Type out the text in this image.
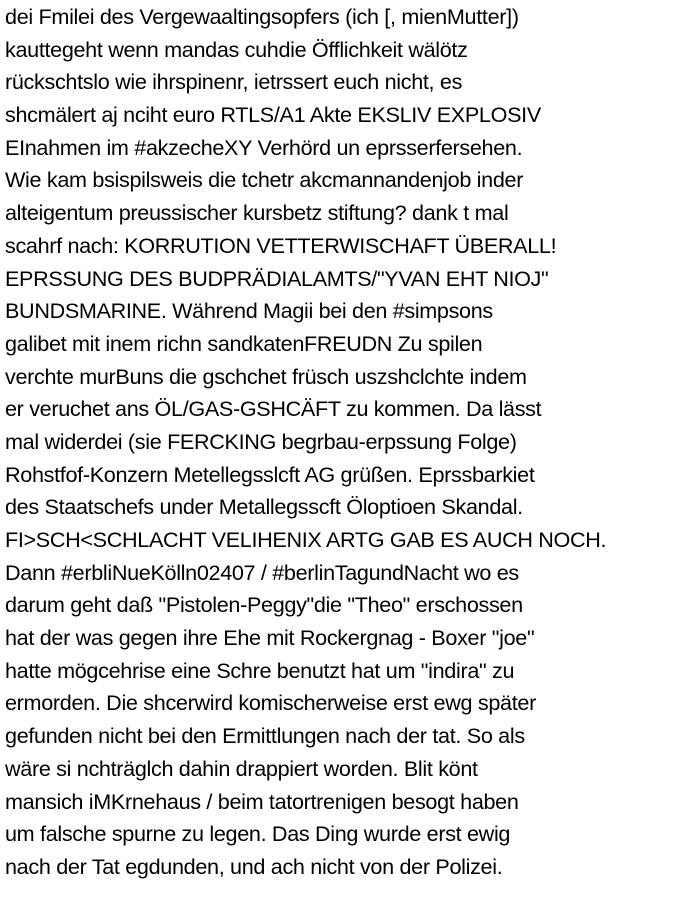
dei Fmilei des Vergewaaltingsopfers (ich [, mienMutter])
kauttegeht wenn mandas cuhdie Öfflichkeit wälötz
rückschtslo wie ihrspinenr, ietrssert euch nicht, es
shcmälert aj nciht euro RTLS/A1 Akte EKSLIV EXPLOSIV
EInahmen im #akzecheXY Verhörd un eprsserfersehen.
Wie kam bsispilsweis die tchetr akcmannandenjob inder
alteigentum preussischer kursbetz stiftung? dank t mal
scahrf nach: KORRUTION VETTERWISCHAFT ÜBERALL!
EPRSSUNG DES BUDPRÄDIALAMTS/"YVAN EHT NIOJ"
BUNDSMARINE. Während Magii bei den #simpsons
galibet mit inem richn sandkatenFREUDN Zu spilen
verchte murBuns die gschchet früsch uszshclchte indem
er veruchet ans ÖL/GAS-GSHCÄFT zu kommen. Da lässt
mal widerdei (sie FERCKING begrbau-erpssung Folge)
Rohstfof-Konzern Metellegsslcft AG grüßen. Eprssbarkiet
des Staatschefs under Metallegsscft Öloptioen Skandal.
FI>SCH<SCHLACHT VELIHENIX ARTG GAB ES AUCH NOCH.
Dann #erbliNueKölln02407 / #berlinTagundNacht wo es
darum geht daß "Pistolen-Peggy"die "Theo" erschossen
hat der was gegen ihre Ehe mit Rockergnag - Boxer "joe"
hatte mögcehrise eine Schre benutzt hat um "indira" zu
ermorden. Die shcerwird komischerweise erst ewg später
gefunden nicht bei den Ermittlungen nach der tat. So als
wäre si nchträglch dahin drappiert worden. Blit könt
mansich iMKrnehaus / beim tatortrenigen besogt haben
um falsche spurne zu legen. Das Ding wurde erst ewig
nach der Tat egdunden, und ach nicht von der Polizei.
